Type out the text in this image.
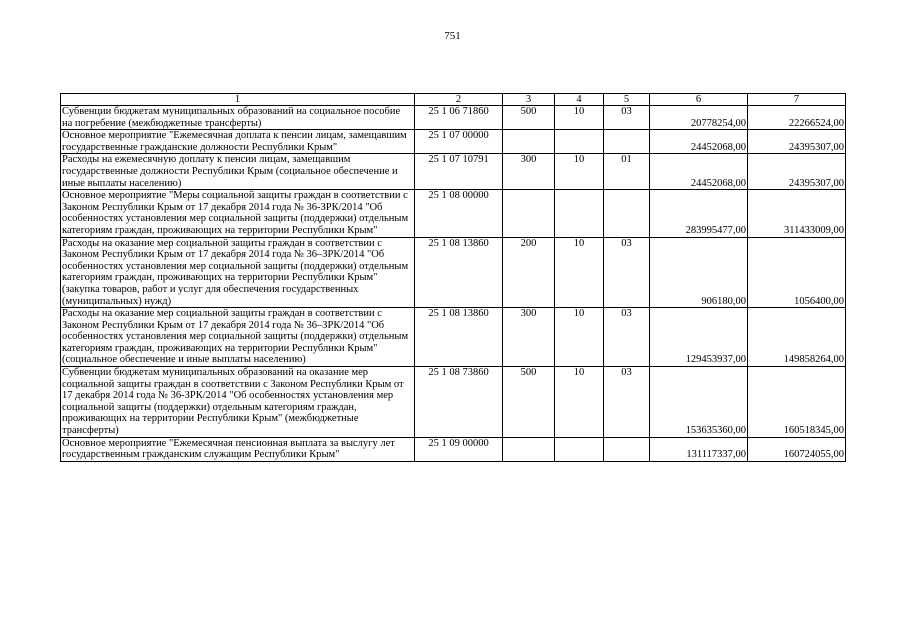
751
1	2	3	4	5	6	7
Субвенции бюджетам муниципальных образований на социальное пособие на погребение (межбюджетные трансферты)	25 1 06 71860	500	10	03	20778254,00	22266524,00
Основное мероприятие "Ежемесячная доплата к пенсии лицам, замещавшим государственные гражданские должности Республики Крым"	25 1 07 00000				24452068,00	24395307,00
Расходы на ежемесячную доплату к пенсии лицам, замещавшим государственные должности Республики Крым (социальное обеспечение и иные выплаты населению)	25 1 07 10791	300	10	01	24452068,00	24395307,00
Основное мероприятие "Меры социальной защиты граждан в соответствии с Законом Республики Крым от 17 декабря 2014 года № 36-ЗРК/2014 "Об особенностях установления мер социальной защиты (поддержки) отдельным категориям граждан, проживающих на территории Республики Крым"	25 1 08 00000				283995477,00	311433009,00
Расходы на оказание мер социальной защиты граждан в соответствии с Законом Республики Крым от 17 декабря 2014 года № 36–ЗРК/2014 "Об особенностях установления мер социальной защиты (поддержки) отдельным категориям граждан, проживающих на территории Республики Крым" (закупка товаров, работ и услуг для обеспечения государственных (муниципальных) нужд)	25 1 08 13860	200	10	03	906180,00	1056400,00
Расходы на оказание мер социальной защиты граждан в соответствии с Законом Республики Крым от 17 декабря 2014 года № 36–ЗРК/2014 "Об особенностях установления мер социальной защиты (поддержки) отдельным категориям граждан, проживающих на территории Республики Крым" (социальное обеспечение и иные выплаты населению)	25 1 08 13860	300	10	03	129453937,00	149858264,00
Субвенции бюджетам муниципальных образований на оказание мер социальной защиты граждан в соответствии с Законом Республики Крым от 17 декабря 2014 года № 36-ЗРК/2014 "Об особенностях установления мер социальной защиты (поддержки) отдельным категориям граждан, проживающих на территории Республики Крым" (межбюджетные трансферты)	25 1 08 73860	500	10	03	153635360,00	160518345,00
Основное мероприятие "Ежемесячная пенсионная выплата за выслугу лет государственным гражданским служащим Республики Крым"	25 1 09 00000				131117337,00	160724055,00
